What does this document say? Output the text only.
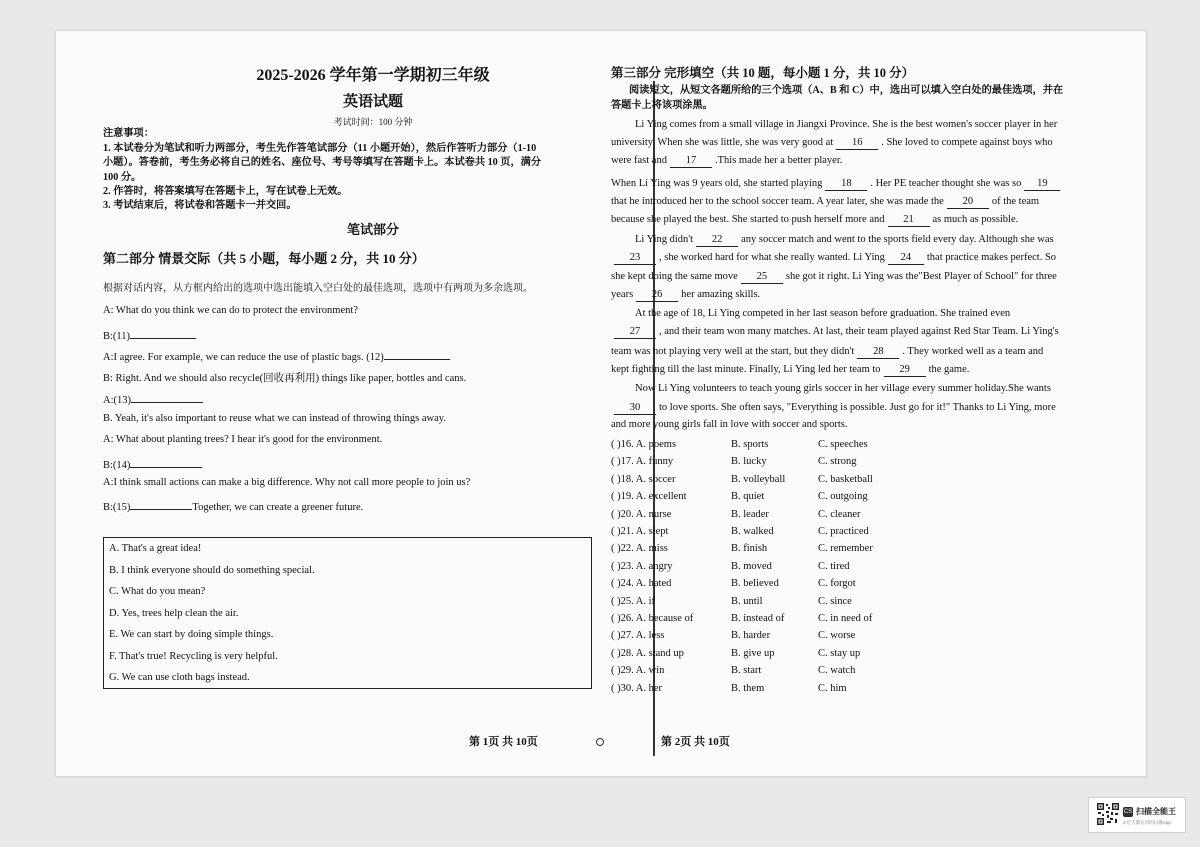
2025-2026 学年第一学期初三年级
英语试题
考试时间：100 分钟
注意事项：
1. 本试卷分为笔试和听力两部分，考生先作答笔试部分（11 小题开始），然后作答听力部分（1-10
小题）。答卷前，考生务必将自己的姓名、座位号、考号等填写在答题卡上。本试卷共 10 页，满分
100 分。
2. 作答时，将答案填写在答题卡上，写在试卷上无效。
3. 考试结束后，将试卷和答题卡一并交回。
笔试部分
第二部分 情景交际（共 5 小题，每小题 2 分，共 10 分）
根据对话内容，从方框内给出的选项中选出能填入空白处的最佳选项，选项中有两项为多余选项。
A: What do you think we can do to protect the environment?
B:(11)
A:I agree. For example, we can reduce the use of plastic bags. (12)
B: Right. And we should also recycle(回收再利用) things like paper, bottles and cans.
A:(13)
B. Yeah, it's also important to reuse what we can instead of throwing things away.
A: What about planting trees? I hear it's good for the environment.
B:(14)
A:I think small actions can make a big difference. Why not call more people to join us?
B:(15)	Together, we can create a greener future.
A. That's a great idea!
B. I think everyone should do something special.
C. What do you mean?
D. Yes, trees help clean the air.
E. We can start by doing simple things.
F. That's true! Recycling is very helpful.
G. We can use cloth bags instead.
第三部分 完形填空（共 10 题，每小题 1 分，共 10 分）
阅读短文，从短文各题所给的三个选项（A、B 和 C）中，选出可以填入空白处的最佳选项，并在
答题卡上将该项涂黑。
Li Ying comes from a small village in Jiangxi Province. She is the best women's soccer player in her
university. When she was little, she was very good at 16 . She loved to compete against boys who
were fast and 17 .This made her a better player.
When Li Ying was 9 years old, she started playing 18 . Her PE teacher thought she was so 19
that he introduced her to the school soccer team. A year later, she was made the 20 of the team
because she played the best. She started to push herself more and 21 as much as possible.
Li Ying didn't 22 any soccer match and went to the sports field every day. Although she was
23 , she worked hard for what she really wanted. Li Ying 24 that practice makes perfect. So
she kept doing the same move 25 she got it right. Li Ying was the"Best Player of School" for three
years 26 her amazing skills.
At the age of 18, Li Ying competed in her last season before graduation. She trained even
27 , and their team won many matches. At last, their team played against Red Star Team. Li Ying's
team was not playing very well at the start, but they didn't 28 . They worked well as a team and
kept fighting till the last minute. Finally, Li Ying led her team to 29 the game.
Now Li Ying volunteers to teach young girls soccer in her village every summer holiday.She wants
30 to love sports. She often says, "Everything is possible. Just go for it!" Thanks to Li Ying, more
and more young girls fall in love with soccer and sports.
( )16. A. poems	B. sports	C. speeches
( )17. A. funny	B. lucky	C. strong
( )18. A. soccer	B. volleyball	C. basketball
( )19. A. excellent	B. quiet	C. outgoing
( )20. A. nurse	B. leader	C. cleaner
( )21. A. slept	B. walked	C. practiced
( )22. A. miss	B. finish	C. remember
( )23. A. angry	B. moved	C. tired
( )24. A. hated	B. believed	C. forgot
( )25. A. if	B. until	C. since
( )26. A. because of	B. instead of	C. in need of
( )27. A. less	B. harder	C. worse
( )28. A. stand up	B. give up	C. stay up
( )29. A. win	B. start	C. watch
( )30. A. her	B. them	C. him
第 1页 共 10页	第 2页 共 10页
CS 扫描全能王
3 亿人都在用的扫描App
